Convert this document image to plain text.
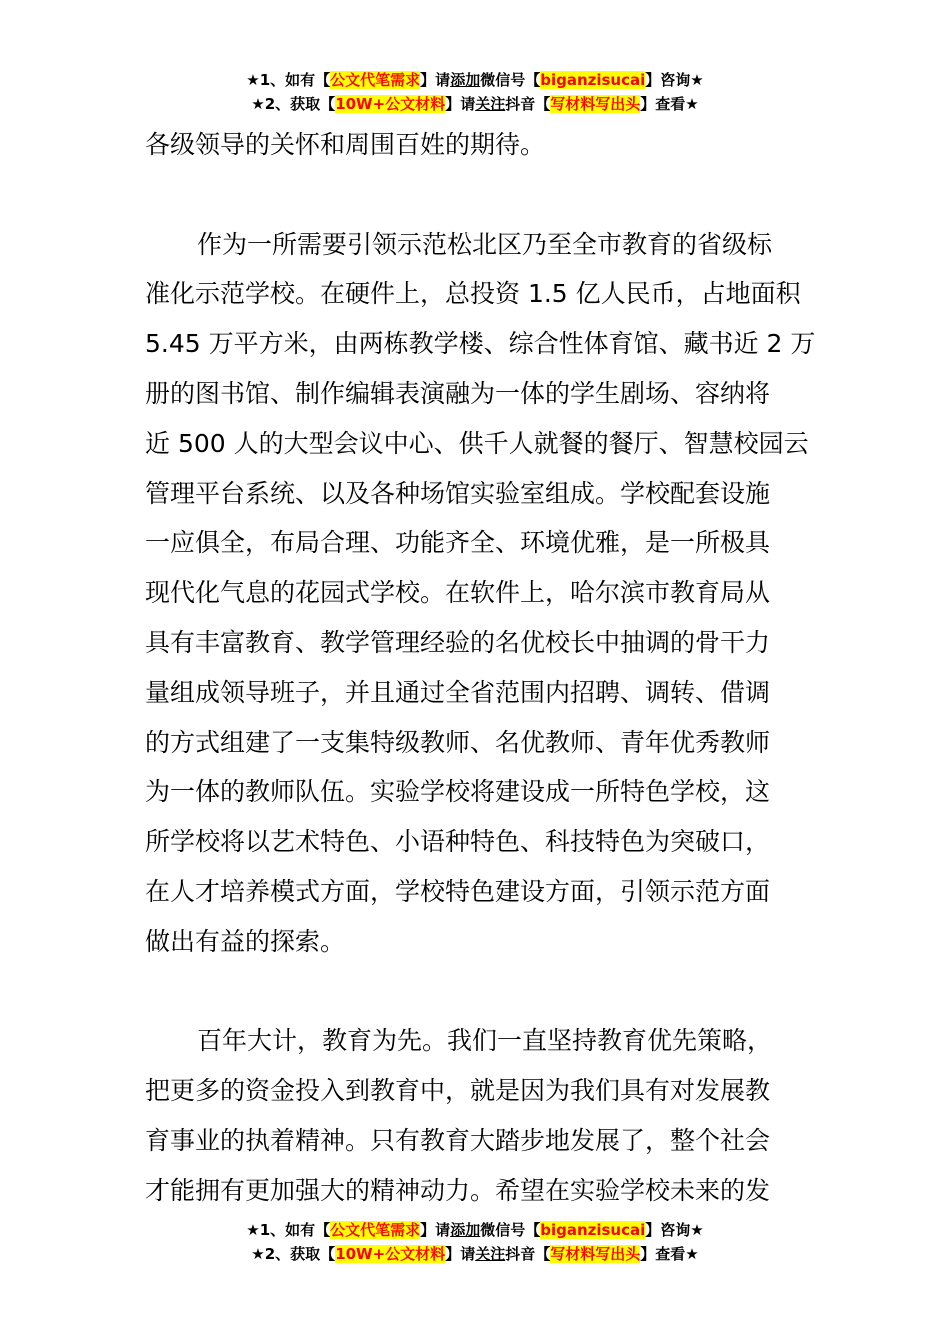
★1、如有【公文代笔需求】请添加微信号【biganzisucai】咨询★
★2、获取【10W+公文材料】请关注抖音【写材料写出头】查看★
各级领导的关怀和周围百姓的期待。
作为一所需要引领示范松北区乃至全市教育的省级标
准化示范学校。在硬件上，总投资 1.5 亿人民币，占地面积
5.45 万平方米，由两栋教学楼、综合性体育馆、藏书近 2 万
册的图书馆、制作编辑表演融为一体的学生剧场、容纳将
近 500 人的大型会议中心、供千人就餐的餐厅、智慧校园云
管理平台系统、以及各种场馆实验室组成。学校配套设施
一应俱全，布局合理、功能齐全、环境优雅，是一所极具
现代化气息的花园式学校。在软件上，哈尔滨市教育局从
具有丰富教育、教学管理经验的名优校长中抽调的骨干力
量组成领导班子，并且通过全省范围内招聘、调转、借调
的方式组建了一支集特级教师、名优教师、青年优秀教师
为一体的教师队伍。实验学校将建设成一所特色学校，这
所学校将以艺术特色、小语种特色、科技特色为突破口，
在人才培养模式方面，学校特色建设方面，引领示范方面
做出有益的探索。
百年大计，教育为先。我们一直坚持教育优先策略，
把更多的资金投入到教育中，就是因为我们具有对发展教
育事业的执着精神。只有教育大踏步地发展了，整个社会
才能拥有更加强大的精神动力。希望在实验学校未来的发
★1、如有【公文代笔需求】请添加微信号【biganzisucai】咨询★
★2、获取【10W+公文材料】请关注抖音【写材料写出头】查看★
